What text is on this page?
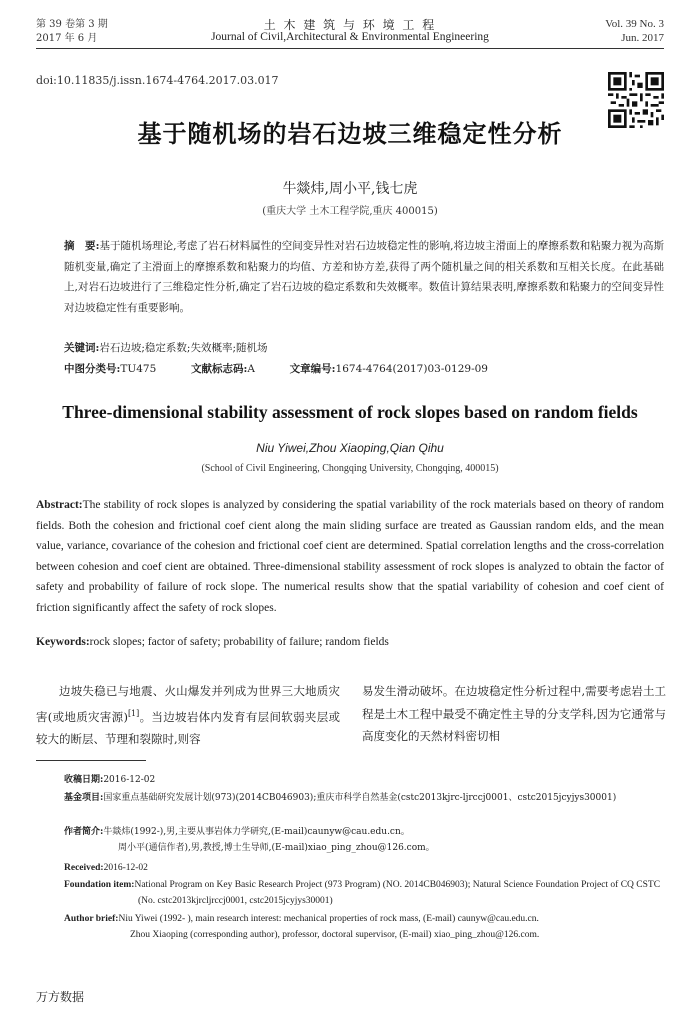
第 39 卷第 3 期
2017 年 6 月
土 木 建 筑 与 环 境 工 程
Journal of Civil,Architectural & Environmental Engineering
Vol. 39 No. 3
Jun. 2017
doi:10.11835/j.issn.1674-4764.2017.03.017
基于随机场的岩石边坡三维稳定性分析
牛燚炜,周小平,钱七虎
(重庆大学 土木工程学院,重庆 400015)
摘　要:基于随机场理论,考虑了岩石材料属性的空间变异性对岩石边坡稳定性的影响,将边坡主滑面上的摩擦系数和粘聚力视为高斯随机变量,确定了主滑面上的摩擦系数和粘聚力的均值、方差和协方差,获得了两个随机量之间的相关系数和互相关长度。在此基础上,对岩石边坡进行了三维稳定性分析,确定了岩石边坡的稳定系数和失效概率。数值计算结果表明,摩擦系数和粘聚力的空间变异性对边坡稳定性有重要影响。
关键词:岩石边坡;稳定系数;失效概率;随机场
中图分类号:TU475	文献标志码:A	文章编号:1674-4764(2017)03-0129-09
Three-dimensional stability assessment of rock slopes based on random fields
Niu Yiwei,Zhou Xiaoping,Qian Qihu
(School of Civil Engineering, Chongqing University, Chongqing, 400015)
Abstract:The stability of rock slopes is analyzed by considering the spatial variability of the rock materials based on theory of random fields. Both the cohesion and frictional coef cient along the main sliding surface are treated as Gaussian random elds, and the mean value, variance, covariance of the cohesion and frictional coef cient are determined. Spatial correlation lengths and the cross-correlation between cohesion and coef cient are obtained. Three-dimensional stability assessment of rock slopes is analyzed to obtain the factor of safety and probability of failure of rock slope. The numerical results show that the spatial variability of cohesion and coef cient of friction significantly affect the safety of rock slopes.
Keywords:rock slopes; factor of safety; probability of failure; random fields
边坡失稳已与地震、火山爆发并列成为世界三大地质灾害(或地质灾害源)[1]。当边坡岩体内发育有层间软弱夹层或较大的断层、节理和裂隙时,则容
易发生滑动破坏。在边坡稳定性分析过程中,需要考虑岩土工程是土木工程中最受不确定性主导的分支学科,因为它通常与高度变化的天然材料密切相
收稿日期:2016-12-02
基金项目:国家重点基础研究发展计划(973)(2014CB046903);重庆市科学自然基金(cstc2013kjrc-ljrccj0001、cstc2015jcyjys30001)
作者简介:牛燚炜(1992-),男,主要从事岩体力学研究,(E-mail)caunyw@cau.edu.cn。
周小平(通信作者),男,教授,博士生导师,(E-mail)xiao_ping_zhou@126.com。
Received:2016-12-02
Foundation item:National Program on Key Basic Research Project (973 Program) (NO. 2014CB046903); Natural Science Foundation Project of CQ CSTC (No. cstc2013kjrcljrccj0001, cstc2015jcyjys30001)
Author brief:Niu Yiwei (1992- ), main research interest: mechanical properties of rock mass, (E-mail) caunyw@cau.edu.cn.
Zhou Xiaoping (corresponding author), professor, doctoral supervisor, (E-mail) xiao_ping_zhou@126.com.
万方数据
